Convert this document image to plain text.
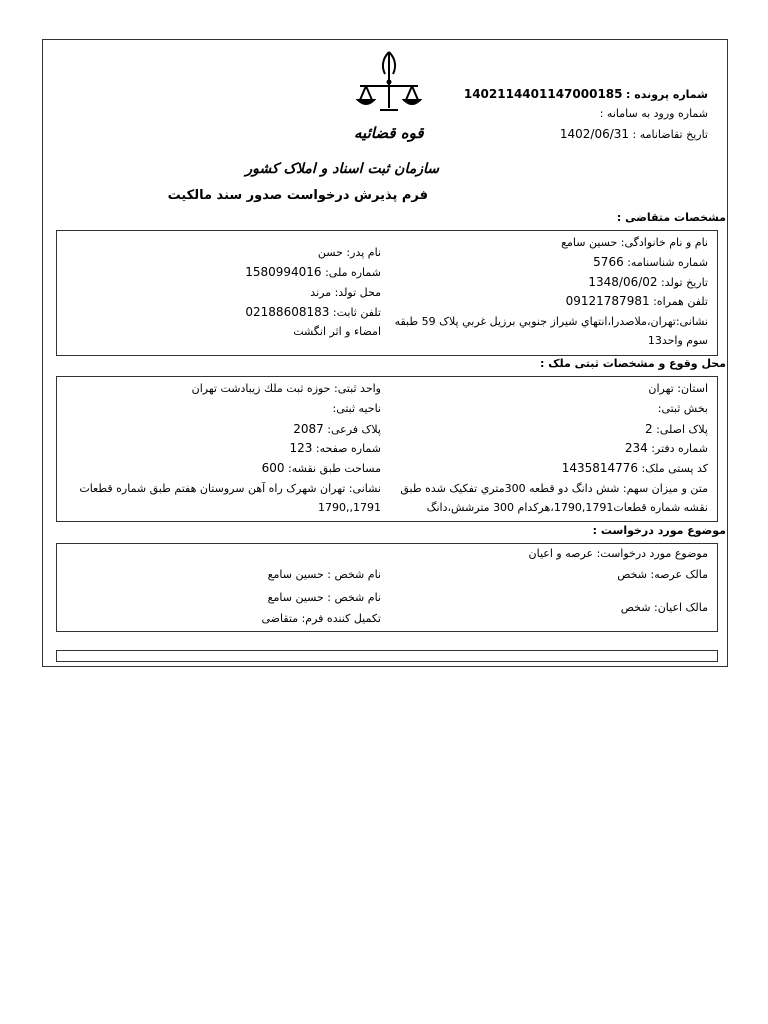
قوه قضائیه
سازمان ثبت اسناد و املاک کشور
شماره پرونده : 1402114401147000185
شماره ورود به سامانه :
تاریخ تقاضانامه : 1402/06/31
فرم پذیرش درخواست صدور سند مالکیت
مشخصات متقاضی :
نام و نام خانوادگی: حسین سامع
شماره شناسنامه: 5766
تاریخ تولد: 1348/06/02
تلفن همراه: 09121787981
نشانی:تهران،ملاصدرا،انتهاي شیراز جنوبي برزیل غربي پلاک 59 طبقه
سوم واحد13
نام پدر: حسن
شماره ملی: 1580994016
محل تولد: مرند
تلفن ثابت: 02188608183
امضاء و اثر انگشت
محل وقوع و مشخصات ثبتی ملک :
استان: تهران
بخش ثبتی:
پلاک اصلی: 2
شماره دفتر: 234
کد پستی ملک: 1435814776
متن و میزان سهم: شش دانگ دو قطعه 300متري تفکیک شده طبق
نقشه شماره قطعات1790,1791،هرکدام 300 مترشش،دانگ
واحد ثبتی: حوزه ثبت ملك زيبادشت تهران
ناحیه ثبتی:
پلاک فرعی: 2087
شماره صفحه: 123
مساحت طبق نقشه: 600
نشانی: تهران شهرک راه آهن سروستان هفتم طبق شماره قطعات
1791,,1790
موضوع مورد درخواست :
موضوع مورد درخواست: عرصه و اعیان
مالک عرصه: شخص
مالک اعیان: شخص
نام شخص : حسین سامع
نام شخص : حسین سامع
تکمیل کننده فرم: متقاضی
